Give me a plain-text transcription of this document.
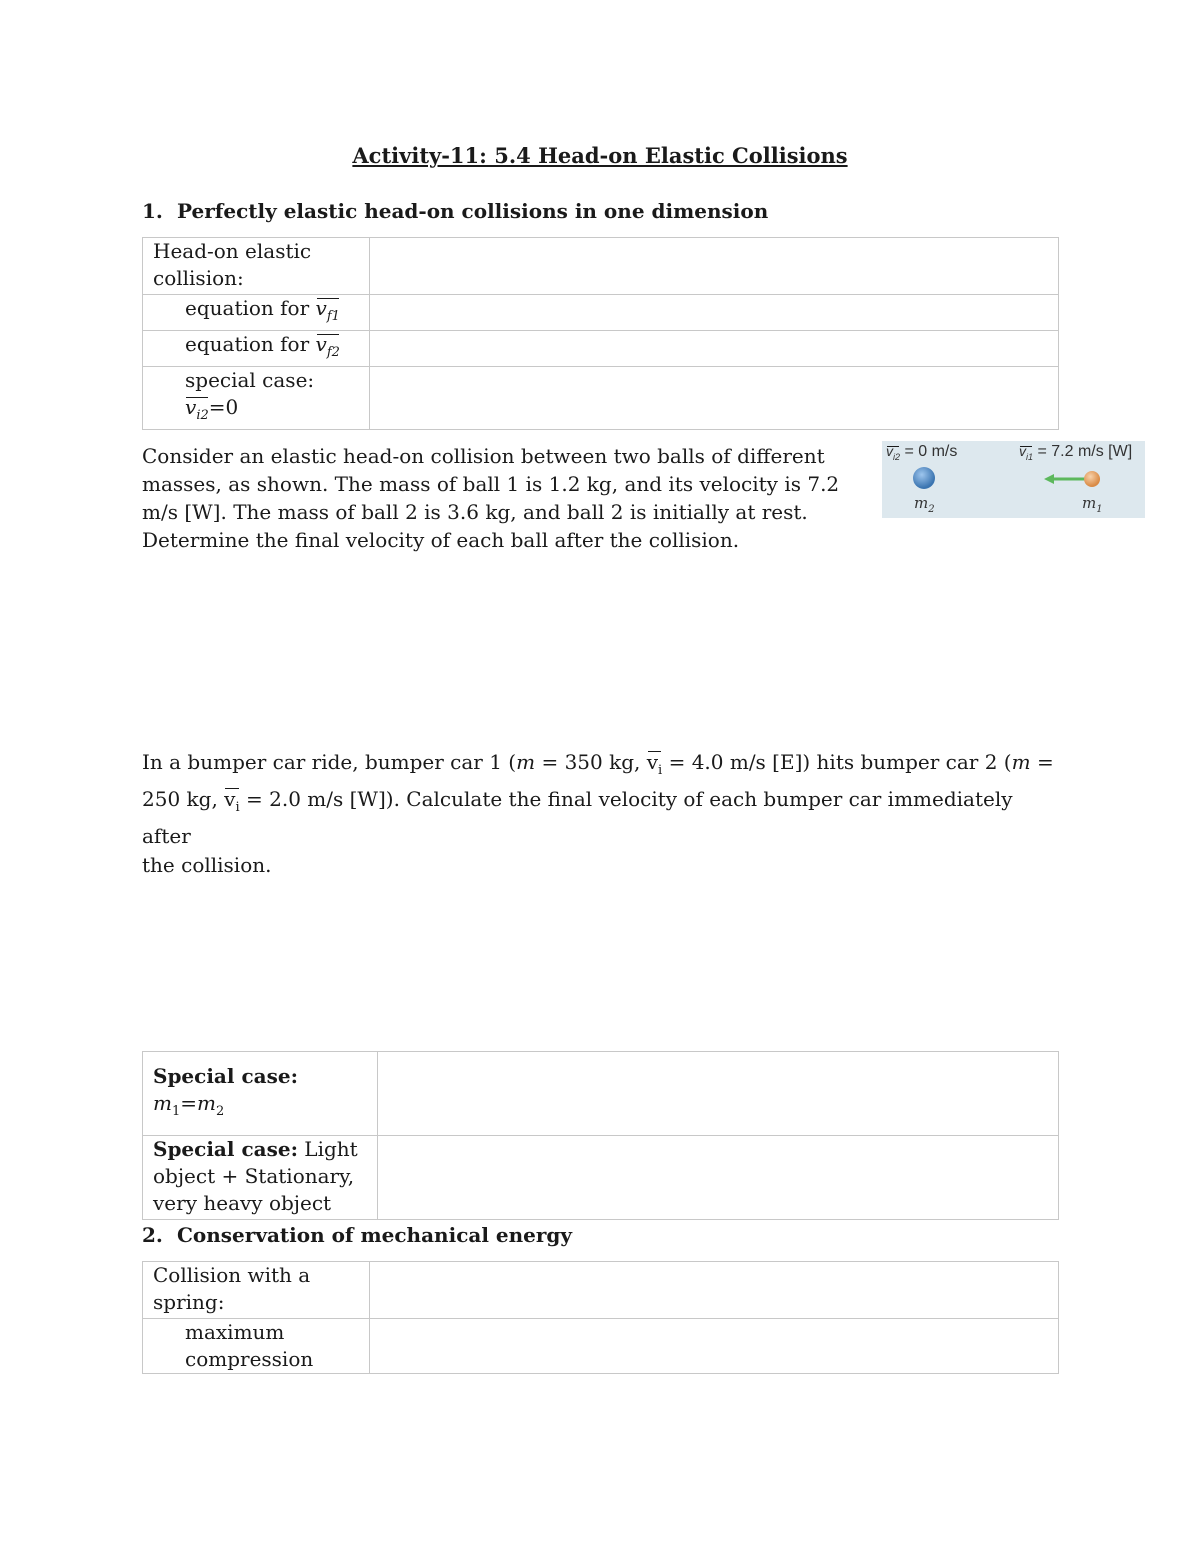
Activity-11: 5.4 Head-on Elastic Collisions
1. Perfectly elastic head-on collisions in one dimension
Head-on elastic collision:	

equation for $v_{f1}$

equation for $v_{f2}$

special case:
$v_{i2}=0$	

Consider an elastic head-on collision between two balls of different masses, as shown. The mass of ball 1 is 1.2 kg, and its velocity is 7.2 m/s [W]. The mass of ball 2 is 3.6 kg, and ball 2 is initially at rest. Determine the final velocity of each ball after the collision.
$v_{i2} = 0$ m/s	$v_{i1} = 7.2$ m/s [W]
$m_2$	$m_1$
In a bumper car ride, bumper car 1 (m = 350 kg, $v_i = 4.0$ m/s [E]) hits bumper car 2 (m =
250 kg, $v_i = 2.0$ m/s [W]). Calculate the final velocity of each bumper car immediately after
the collision.
Special case: $m_1=m_2$	
Special case: Light object + Stationary, very heavy object	
2. Conservation of mechanical energy
Collision with a spring:	

maximum compression	
